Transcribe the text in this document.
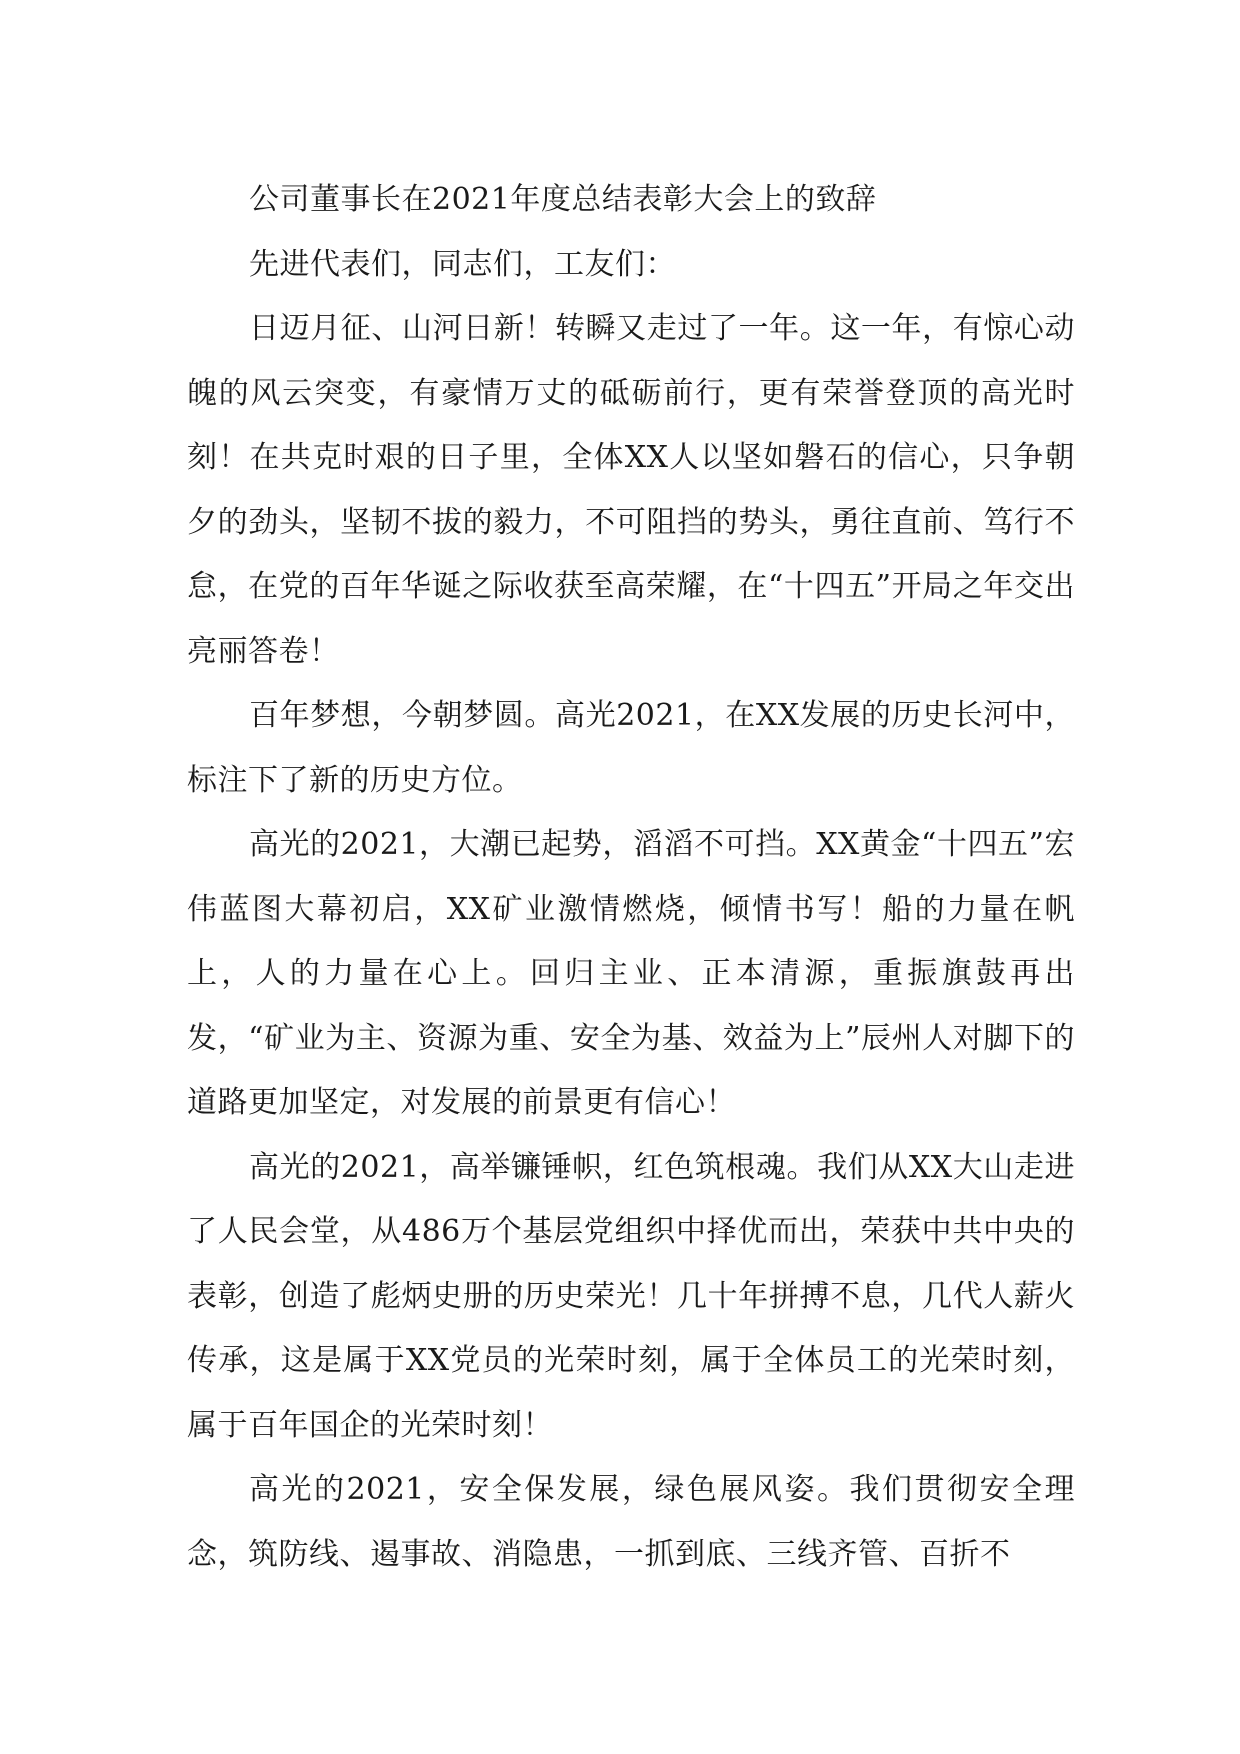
公司董事长在2021年度总结表彰大会上的致辞

先进代表们，同志们，工友们：

日迈月征、山河日新！转瞬又走过了一年。这一年，有惊心动魄的风云突变，有豪情万丈的砥砺前行，更有荣誉登顶的高光时刻！在共克时艰的日子里，全体XX人以坚如磐石的信心，只争朝夕的劲头，坚韧不拔的毅力，不可阻挡的势头，勇往直前、笃行不怠，在党的百年华诞之际收获至高荣耀，在“十四五”开局之年交出亮丽答卷！

百年梦想，今朝梦圆。高光2021，在XX发展的历史长河中，标注下了新的历史方位。

高光的2021，大潮已起势，滔滔不可挡。XX黄金“十四五”宏伟蓝图大幕初启，XX矿业激情燃烧，倾情书写！船的力量在帆上，人的力量在心上。回归主业、正本清源，重振旗鼓再出发，“矿业为主、资源为重、安全为基、效益为上”辰州人对脚下的道路更加坚定，对发展的前景更有信心！

高光的2021，高举镰锤帜，红色筑根魂。我们从XX大山走进了人民会堂，从486万个基层党组织中择优而出，荣获中共中央的表彰，创造了彪炳史册的历史荣光！几十年拼搏不息，几代人薪火传承，这是属于XX党员的光荣时刻，属于全体员工的光荣时刻，属于百年国企的光荣时刻！

高光的2021，安全保发展，绿色展风姿。我们贯彻安全理念，筑防线、遏事故、消隐患，一抓到底、三线齐管、百折不
